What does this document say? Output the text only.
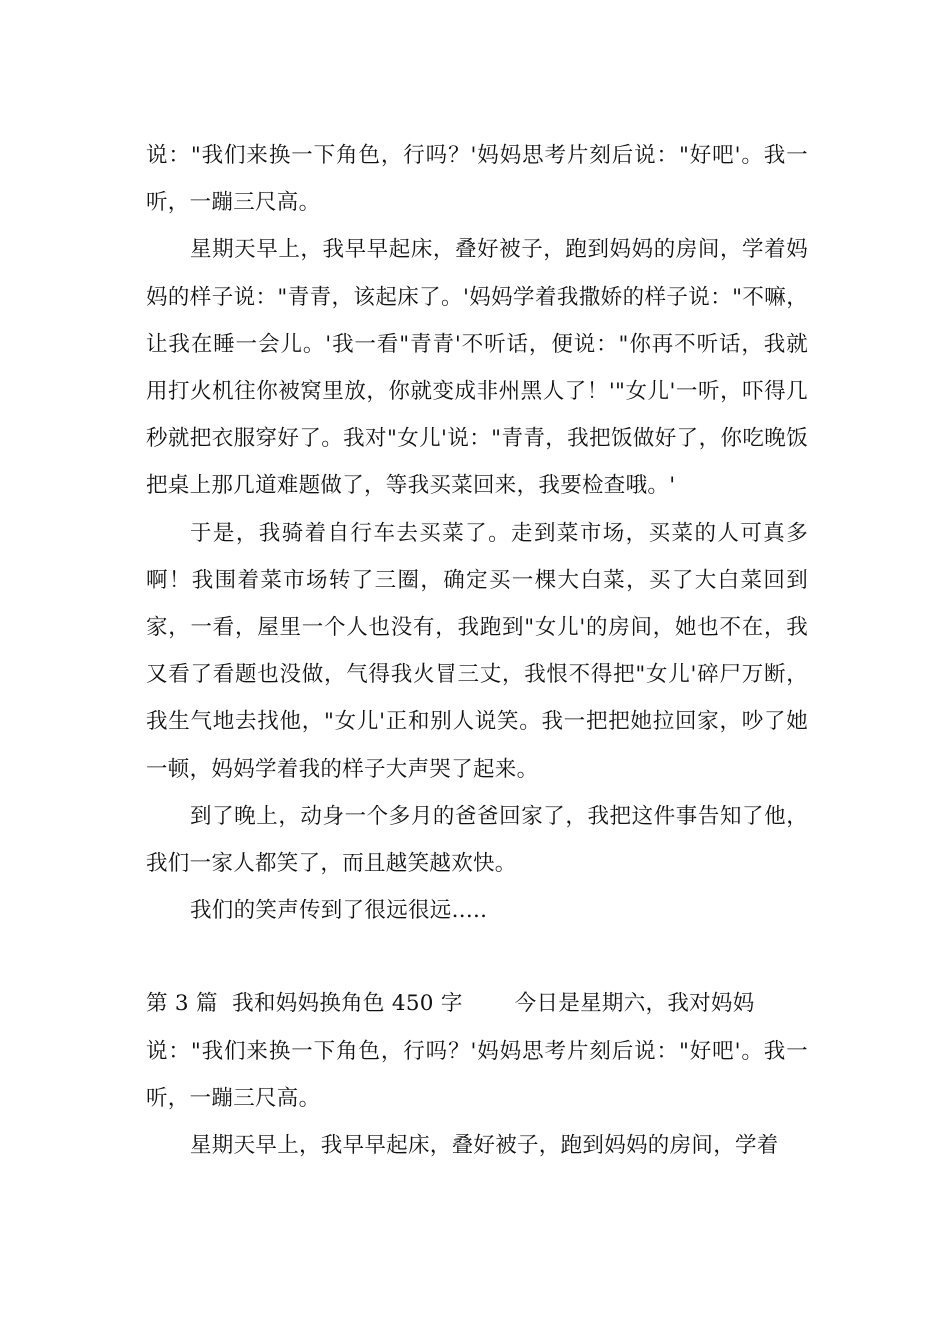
说："我们来换一下角色，行吗？'妈妈思考片刻后说："好吧'。我一听，一蹦三尺高。

星期天早上，我早早起床，叠好被子，跑到妈妈的房间，学着妈妈的样子说："青青，该起床了。'妈妈学着我撒娇的样子说："不嘛，让我在睡一会儿。'我一看"青青'不听话，便说："你再不听话，我就用打火机往你被窝里放，你就变成非州黑人了！'"女儿'一听，吓得几秒就把衣服穿好了。我对"女儿'说："青青，我把饭做好了，你吃晚饭把桌上那几道难题做了，等我买菜回来，我要检查哦。'

于是，我骑着自行车去买菜了。走到菜市场，买菜的人可真多啊！我围着菜市场转了三圈，确定买一棵大白菜，买了大白菜回到家，一看，屋里一个人也没有，我跑到"女儿'的房间，她也不在，我又看了看题也没做，气得我火冒三丈，我恨不得把"女儿'碎尸万断，我生气地去找他，"女儿'正和别人说笑。我一把把她拉回家，吵了她一顿，妈妈学着我的样子大声哭了起来。

到了晚上，动身一个多月的爸爸回家了，我把这件事告知了他，我们一家人都笑了，而且越笑越欢快。

我们的笑声传到了很远很远.....

第 3 篇  我和妈妈换角色 450 字 今日是星期六，我对妈妈

说："我们来换一下角色，行吗？'妈妈思考片刻后说："好吧'。我一听，一蹦三尺高。

星期天早上，我早早起床，叠好被子，跑到妈妈的房间，学着
